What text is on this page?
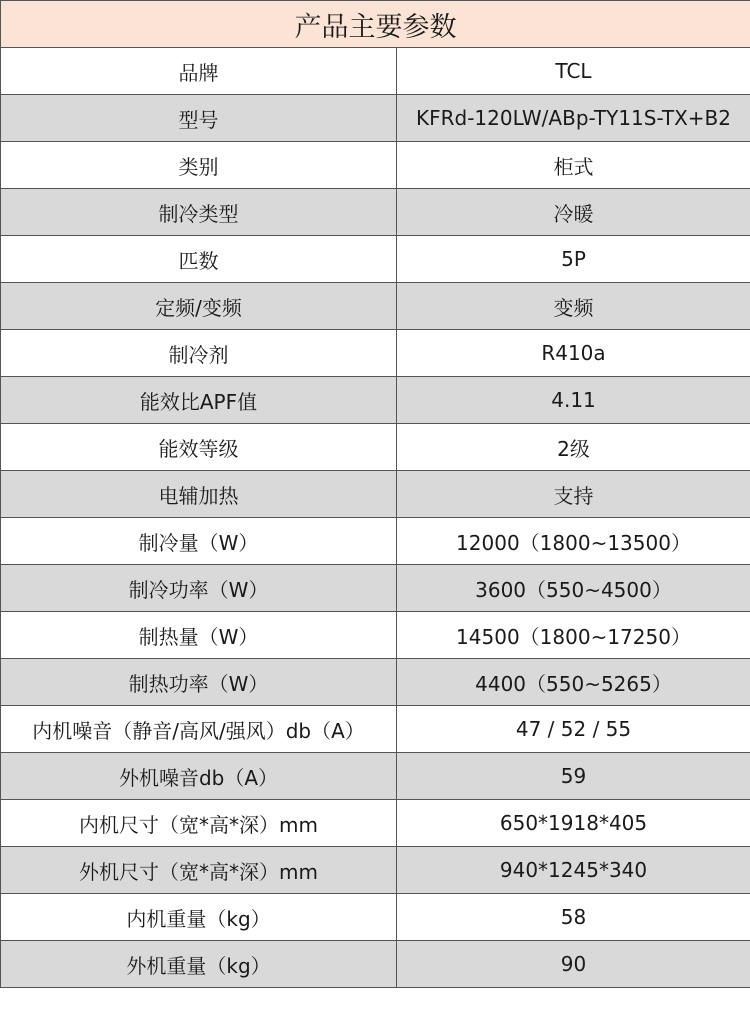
产品主要参数	
品牌	TCL
型号	KFRd-120LW/ABp-TY11S-TX+B2
类别	柜式
制冷类型	冷暖
匹数	5P
定频/变频	变频
制冷剂	R410a
能效比APF值	4.11
能效等级	2级
电辅加热	支持
制冷量（W）	12000（1800~13500）
制冷功率（W）	3600（550~4500）
制热量（W）	14500（1800~17250）
制热功率（W）	4400（550~5265）
内机噪音（静音/高风/强风）db（A）	47 / 52 / 55
外机噪音db（A）	59
内机尺寸（宽*高*深）mm	650*1918*405
外机尺寸（宽*高*深）mm	940*1245*340
内机重量（kg）	58
外机重量（kg）	90
